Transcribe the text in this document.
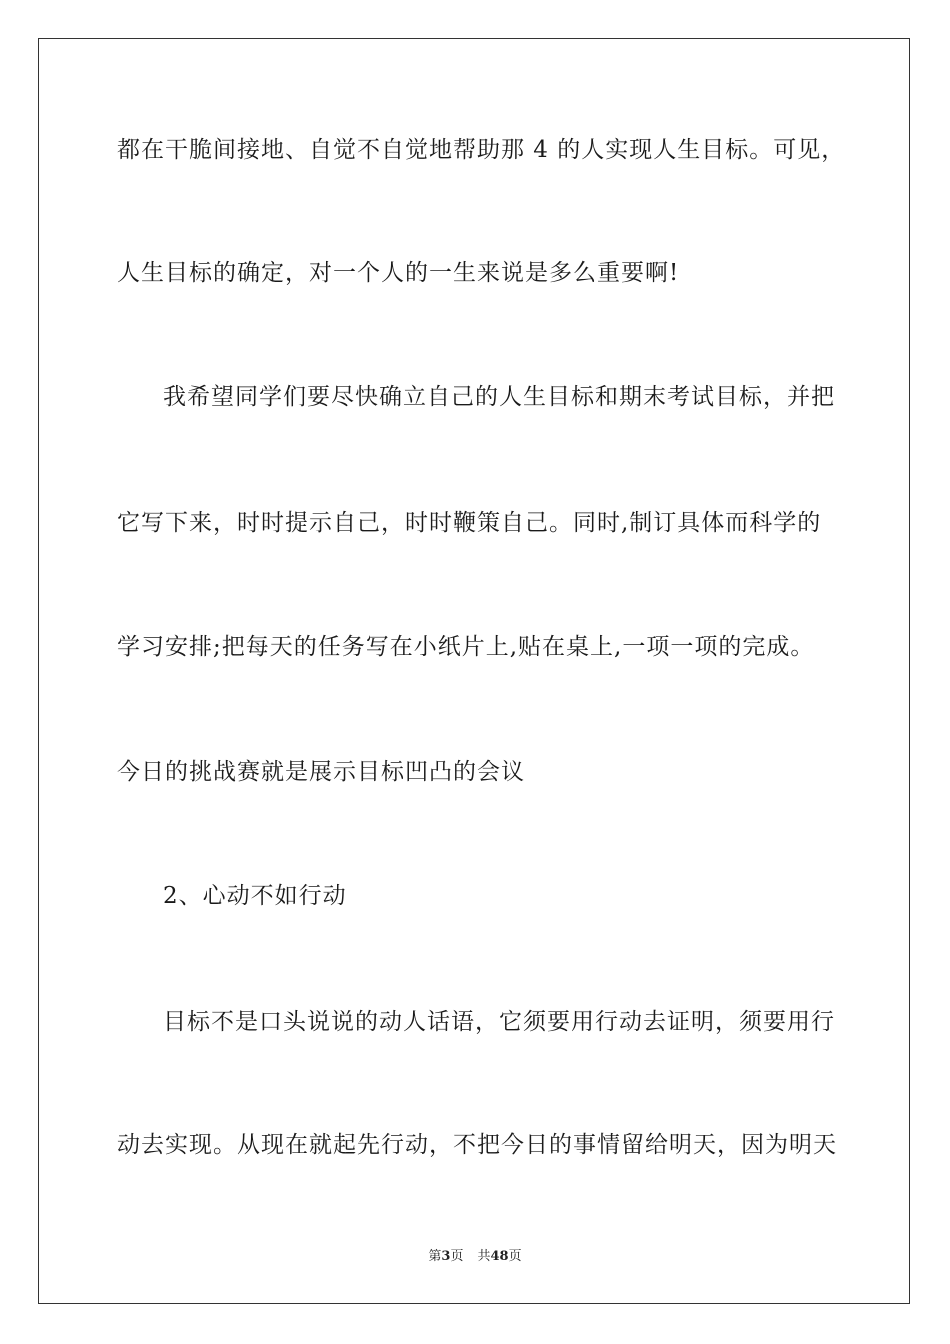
都在干脆间接地、自觉不自觉地帮助那 4 的人实现人生目标。可见，
人生目标的确定，对一个人的一生来说是多么重要啊!
我希望同学们要尽快确立自己的人生目标和期末考试目标，并把
它写下来，时时提示自己，时时鞭策自己。同时,制订具体而科学的
学习安排;把每天的任务写在小纸片上,贴在桌上,一项一项的完成。
今日的挑战赛就是展示目标凹凸的会议
2、心动不如行动
目标不是口头说说的动人话语，它须要用行动去证明，须要用行
动去实现。从现在就起先行动，不把今日的事情留给明天，因为明天
第3页 共48页
